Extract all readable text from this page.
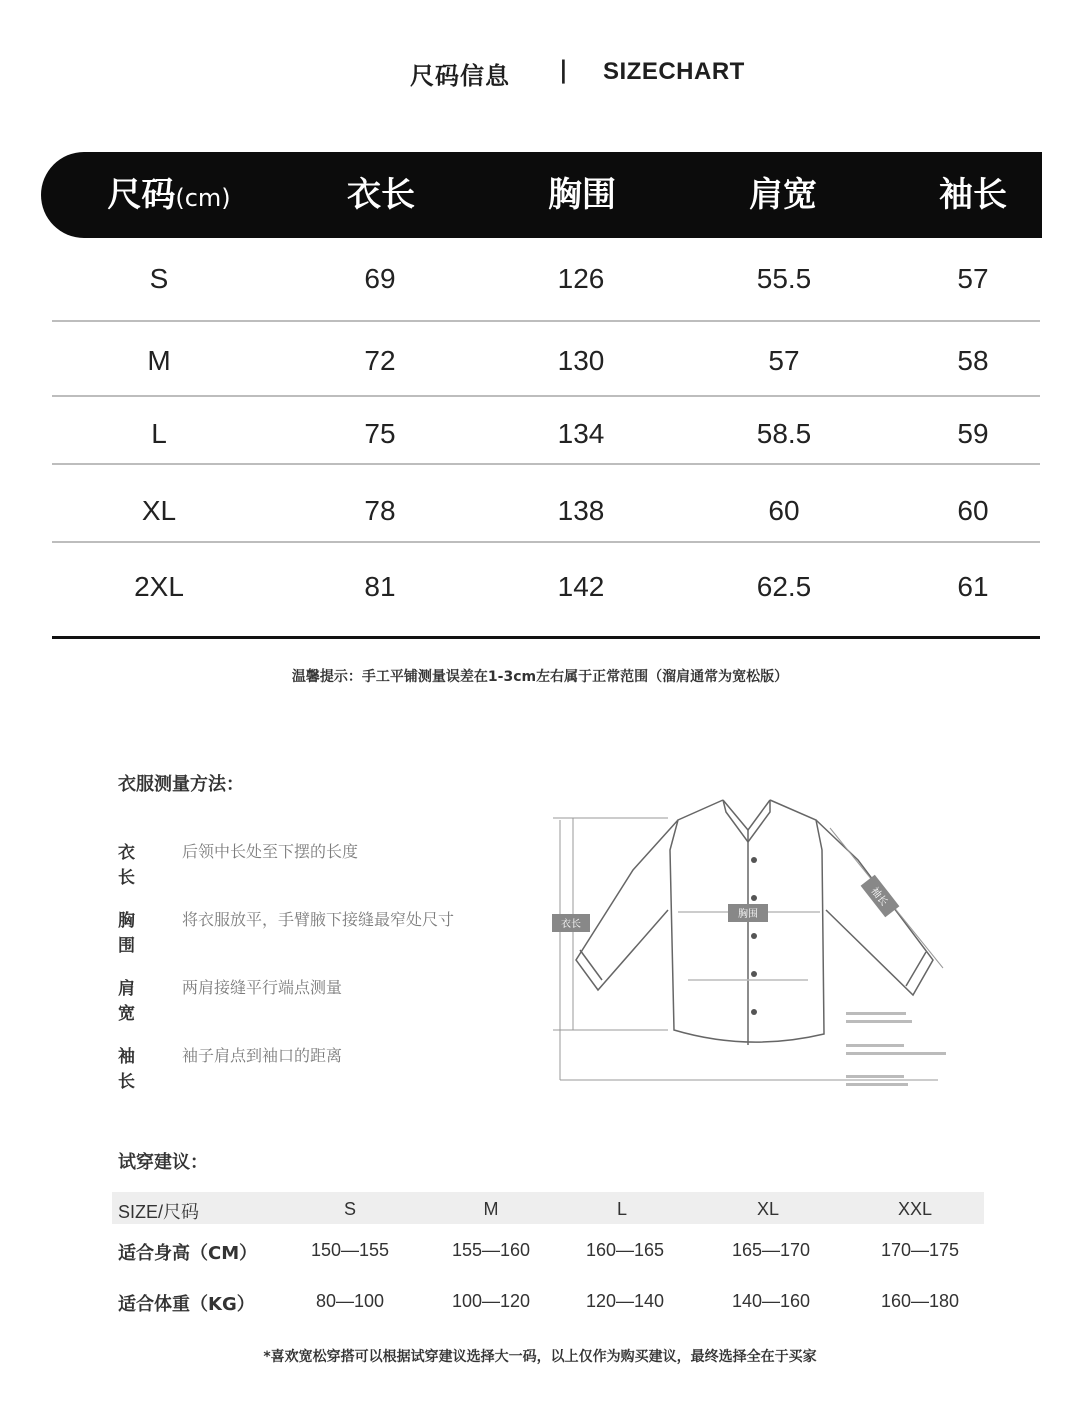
尺码信息 | SIZECHART
尺码(cm)	衣长	胸围	肩宽	袖长
S	69	126	55.5	57
M	72	130	57	58
L	75	134	58.5	59
XL	78	138	60	60
2XL	81	142	62.5	61
温馨提示：手工平铺测量误差在1-3cm左右属于正常范围（溜肩通常为宽松版）
衣服测量方法：
衣长
后领中长处至下摆的长度
胸围
将衣服放平，手臂腋下接缝最窄处尺寸
肩宽
两肩接缝平行端点测量
袖长
袖子肩点到袖口的距离
衣长
胸围
袖长
试穿建议：
SIZE/尺码	S	M	L	XL	XXL
适合身高（CM）	150—155	155—160	160—165	165—170	170—175
适合体重（KG）	80—100	100—120	120—140	140—160	160—180
*喜欢宽松穿搭可以根据试穿建议选择大一码，以上仅作为购买建议，最终选择全在于买家
